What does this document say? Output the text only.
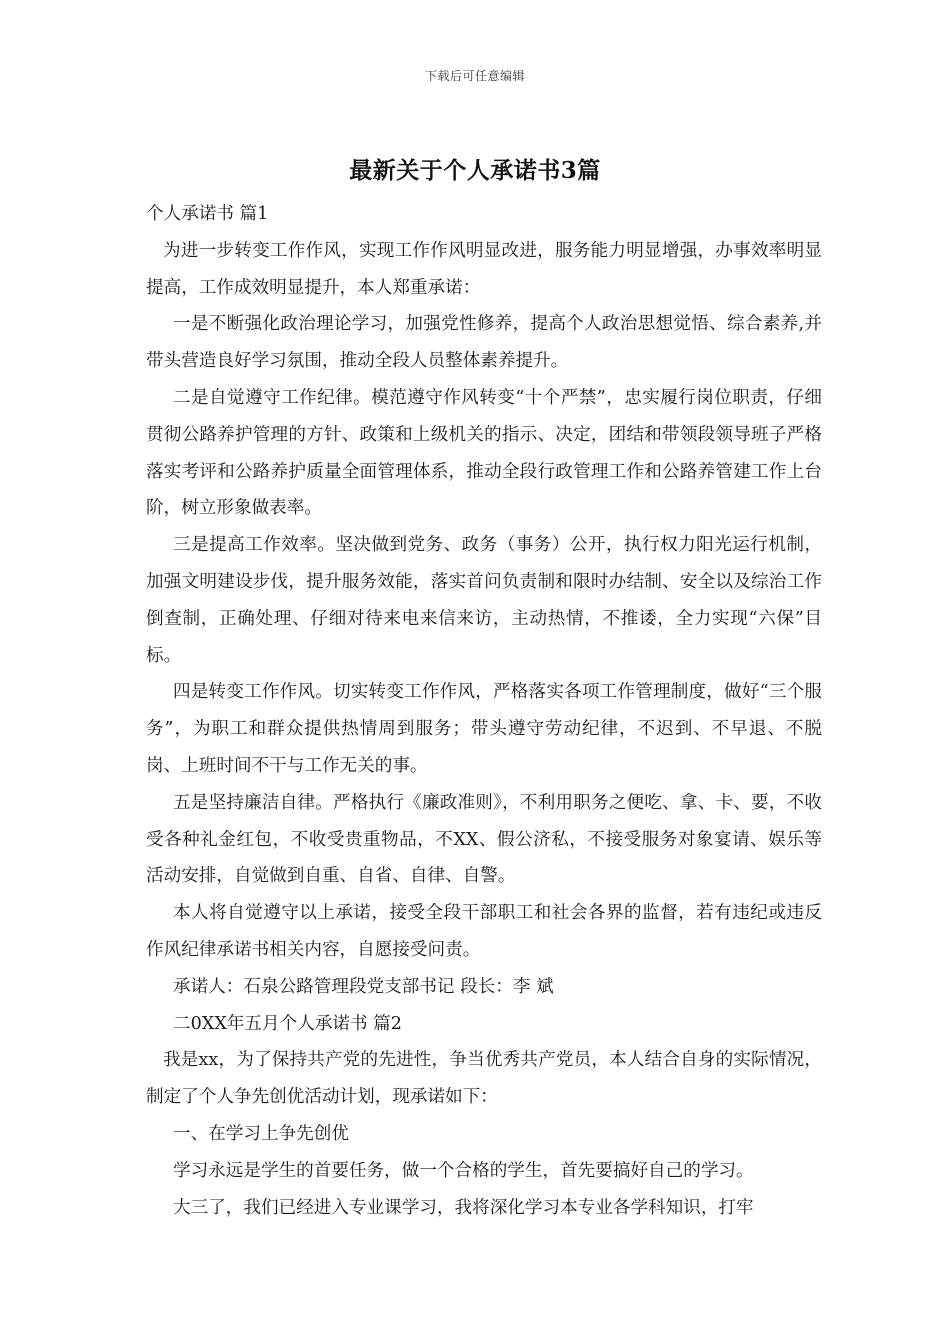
下载后可任意编辑
最新关于个人承诺书3篇

个人承诺书 篇1

为进一步转变工作作风，实现工作作风明显改进，服务能力明显增强，办事效率明显提高，工作成效明显提升，本人郑重承诺：

一是不断强化政治理论学习，加强党性修养，提高个人政治思想觉悟、综合素养,并带头营造良好学习氛围，推动全段人员整体素养提升。

二是自觉遵守工作纪律。模范遵守作风转变“十个严禁”，忠实履行岗位职责，仔细贯彻公路养护管理的方针、政策和上级机关的指示、决定，团结和带领段领导班子严格落实考评和公路养护质量全面管理体系，推动全段行政管理工作和公路养管建工作上台阶，树立形象做表率。

三是提高工作效率。坚决做到党务、政务（事务）公开，执行权力阳光运行机制，加强文明建设步伐，提升服务效能，落实首问负责制和限时办结制、安全以及综治工作倒查制，正确处理、仔细对待来电来信来访，主动热情，不推诿，全力实现“六保”目标。

四是转变工作作风。切实转变工作作风，严格落实各项工作管理制度，做好“三个服务”，为职工和群众提供热情周到服务；带头遵守劳动纪律，不迟到、不早退、不脱岗、上班时间不干与工作无关的事。

五是坚持廉洁自律。严格执行《廉政准则》，不利用职务之便吃、拿、卡、要，不收受各种礼金红包，不收受贵重物品，不XX、假公济私，不接受服务对象宴请、娱乐等活动安排，自觉做到自重、自省、自律、自警。

本人将自觉遵守以上承诺，接受全段干部职工和社会各界的监督，若有违纪或违反作风纪律承诺书相关内容，自愿接受问责。

承诺人：石泉公路管理段党支部书记 段长：李 斌

二0XX年五月个人承诺书 篇2

我是xx，为了保持共产党的先进性，争当优秀共产党员，本人结合自身的实际情况，制定了个人争先创优活动计划，现承诺如下：

一、在学习上争先创优

学习永远是学生的首要任务，做一个合格的学生，首先要搞好自己的学习。

大三了，我们已经进入专业课学习，我将深化学习本专业各学科知识，打牢
